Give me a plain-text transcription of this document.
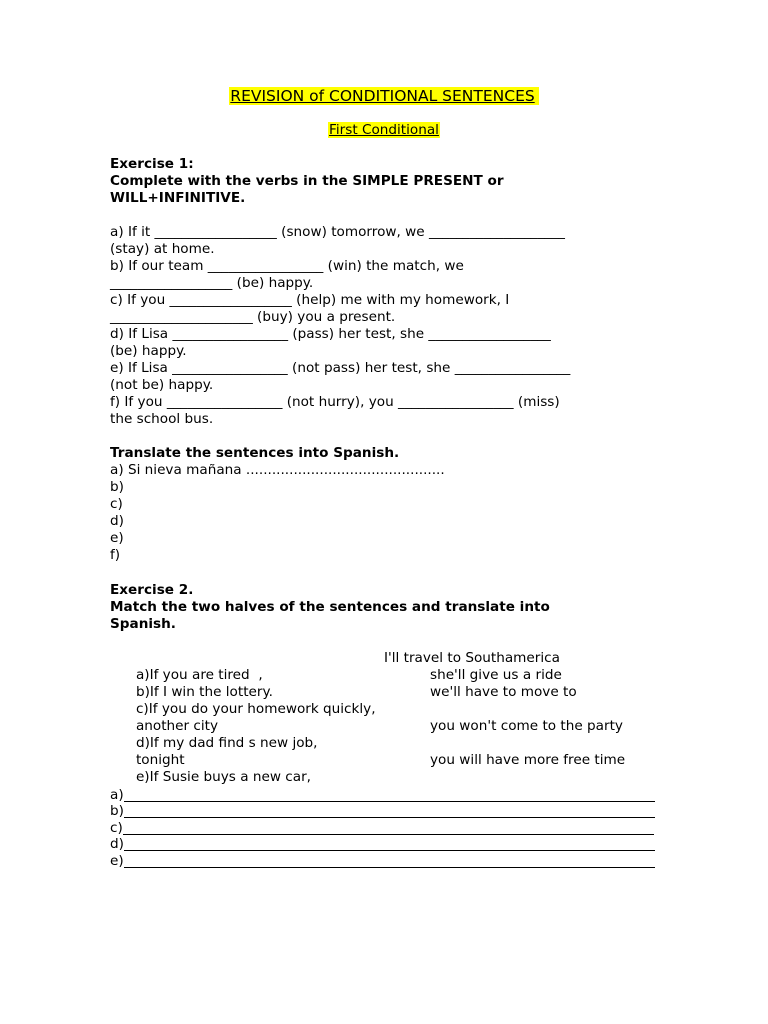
REVISION of CONDITIONAL SENTENCES
First Conditional
Exercise 1:
Complete with the verbs in the SIMPLE PRESENT or
WILL+INFINITIVE.
a) If it __________________ (snow) tomorrow, we ____________________
(stay) at home.
b) If our team _________________ (win) the match, we
__________________ (be) happy.
c) If you __________________ (help) me with my homework, I
_____________________ (buy) you a present.
d) If Lisa _________________ (pass) her test, she __________________
(be) happy.
e) If Lisa _________________ (not pass) her test, she _________________
(not be) happy.
f) If you _________________ (not hurry), you _________________ (miss)
the school bus.
Translate the sentences into Spanish.
a) Si nieva mañana ..............................................
b)
c)
d)
e)
f)
Exercise 2.
Match the two halves of the sentences and translate into
Spanish.

a)If you are tired  ,

I'll travel to Southamerica

b)If I win the lottery.

she'll give us a ride

c)If you do your homework quickly,

we'll have to move to

another city

d)If my dad find s new job,

you won't come to the party

tonight

e)If Susie buys a new car,

you will have more free time

a)
b)
c)
d)
e)
